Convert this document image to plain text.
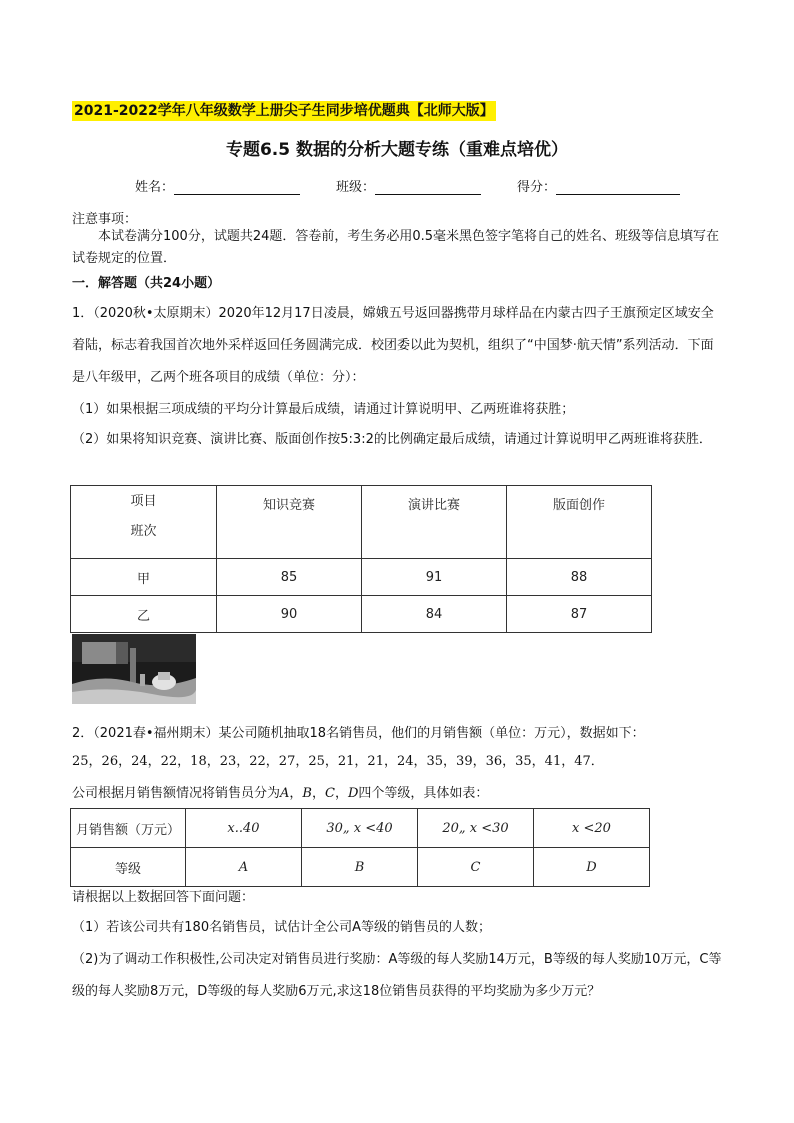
2021-2022学年八年级数学上册尖子生同步培优题典【北师大版】
专题6.5 数据的分析大题专练（重难点培优）
姓名：	班级：	得分：
注意事项：
本试卷满分100分，试题共24题．答卷前，考生务必用0.5毫米黑色签字笔将自己的姓名、班级等信息填写在试卷规定的位置．
一．解答题（共24小题）
1．（2020秋•太原期末）2020年12月17日凌晨，嫦娥五号返回器携带月球样品在内蒙古四子王旗预定区域安全着陆，标志着我国首次地外采样返回任务圆满完成．校团委以此为契机，组织了“中国梦·航天情”系列活动．下面是八年级甲，乙两个班各项目的成绩（单位：分）：
（1）如果根据三项成绩的平均分计算最后成绩，请通过计算说明甲、乙两班谁将获胜；
（2）如果将知识竞赛、演讲比赛、版面创作按5:3:2的比例确定最后成绩，请通过计算说明甲乙两班谁将获胜．
项目
班次	知识竞赛	演讲比赛	版面创作
甲	85	91	88
乙	90	84	87
2．（2021春•福州期末）某公司随机抽取18名销售员，他们的月销售额（单位：万元），数据如下：
25，26，24，22，18，23，22，27，25，21，21，24，35，39，36，35，41，47．
公司根据月销售额情况将销售员分为A，B，C，D四个等级，具体如表：
月销售额（万元）	x..40	30„ x <40	20„ x <30	x <20
等级	A	B	C	D
请根据以上数据回答下面问题：
（1）若该公司共有180名销售员，试估计全公司A等级的销售员的人数；
（2)为了调动工作积极性,公司决定对销售员进行奖励：A等级的每人奖励14万元，B等级的每人奖励10万元，C等级的每人奖励8万元，D等级的每人奖励6万元,求这18位销售员获得的平均奖励为多少万元？
